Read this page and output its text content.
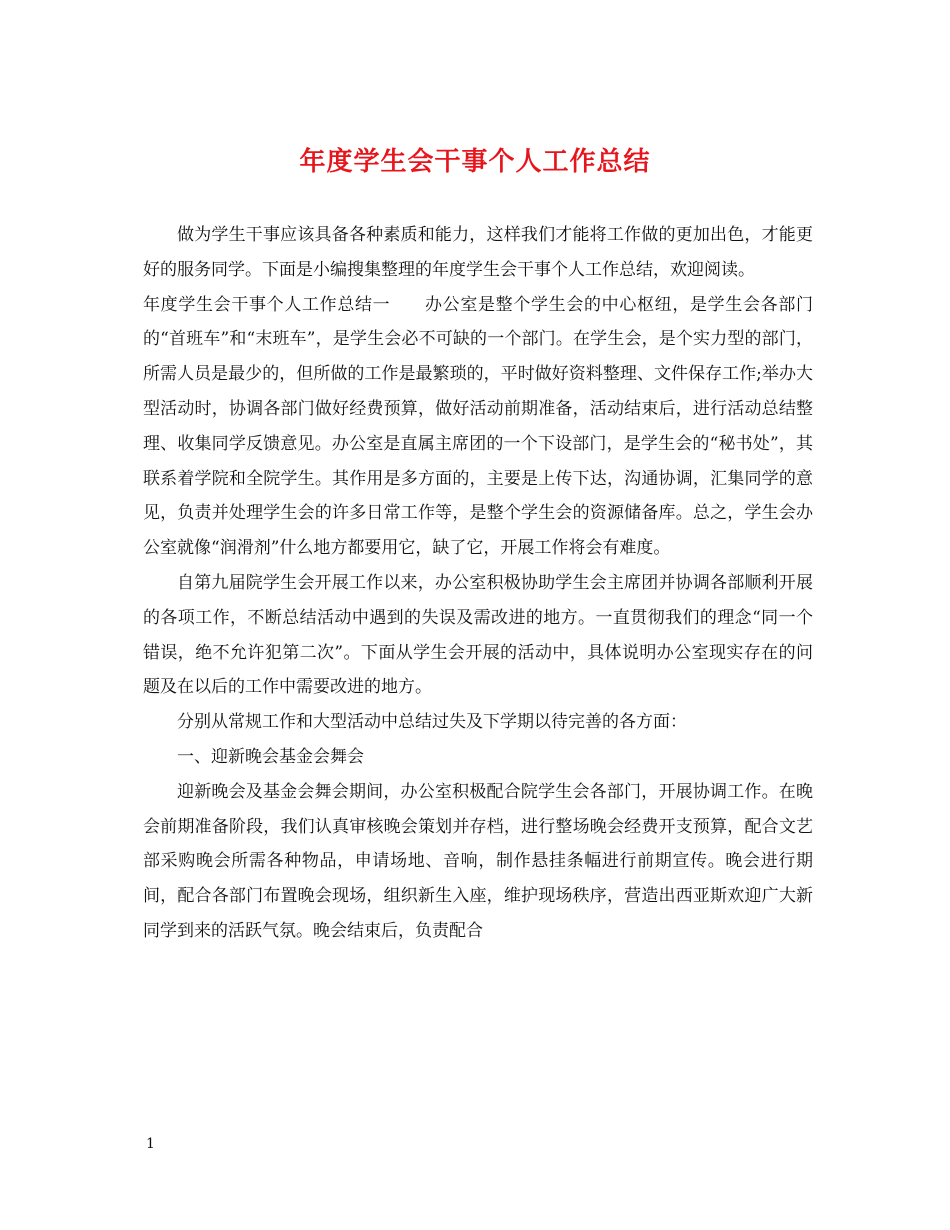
年度学生会干事个人工作总结

做为学生干事应该具备各种素质和能力，这样我们才能将工作做的更加出色，才能更好的服务同学。下面是小编搜集整理的年度学生会干事个人工作总结，欢迎阅读。

年度学生会干事个人工作总结一 办公室是整个学生会的中心枢纽，是学生会各部门的“首班车”和“末班车”，是学生会必不可缺的一个部门。在学生会，是个实力型的部门，所需人员是最少的，但所做的工作是最繁琐的，平时做好资料整理、文件保存工作;举办大型活动时，协调各部门做好经费预算，做好活动前期准备，活动结束后，进行活动总结整理、收集同学反馈意见。办公室是直属主席团的一个下设部门，是学生会的“秘书处”，其联系着学院和全院学生。其作用是多方面的，主要是上传下达，沟通协调，汇集同学的意见，负责并处理学生会的许多日常工作等，是整个学生会的资源储备库。总之，学生会办公室就像“润滑剂”什么地方都要用它，缺了它，开展工作将会有难度。

自第九届院学生会开展工作以来，办公室积极协助学生会主席团并协调各部顺利开展的各项工作，不断总结活动中遇到的失误及需改进的地方。一直贯彻我们的理念“同一个错误，绝不允许犯第二次”。下面从学生会开展的活动中，具体说明办公室现实存在的问题及在以后的工作中需要改进的地方。

分别从常规工作和大型活动中总结过失及下学期以待完善的各方面：

一、迎新晚会基金会舞会

迎新晚会及基金会舞会期间，办公室积极配合院学生会各部门，开展协调工作。在晚会前期准备阶段，我们认真审核晚会策划并存档，进行整场晚会经费开支预算，配合文艺部采购晚会所需各种物品，申请场地、音响，制作悬挂条幅进行前期宣传。晚会进行期间，配合各部门布置晚会现场，组织新生入座，维护现场秩序，营造出西亚斯欢迎广大新同学到来的活跃气氛。晚会结束后，负责配合

1
